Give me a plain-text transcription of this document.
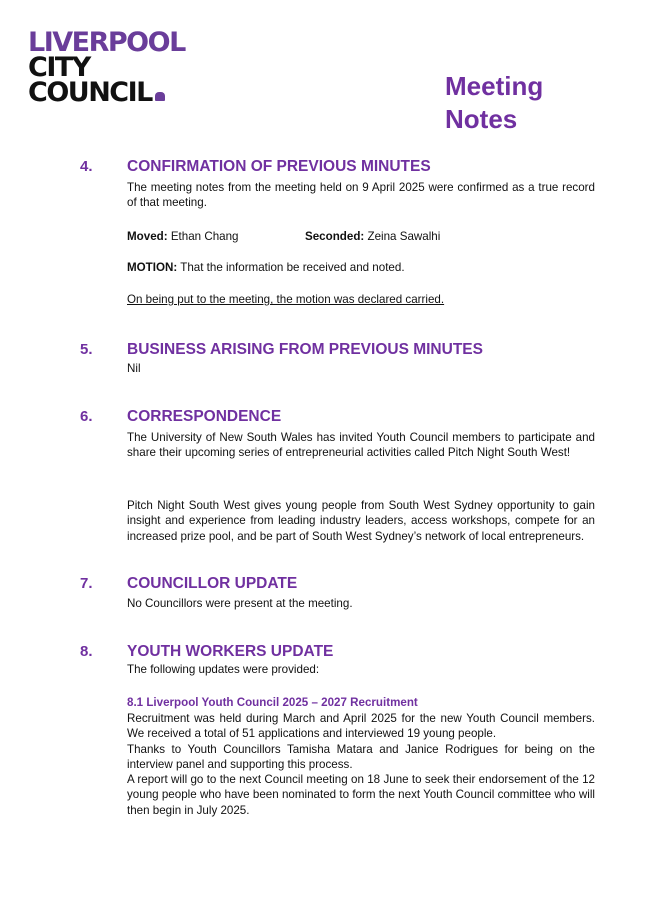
LIVERPOOL
CITY
COUNCIL	Meeting
Notes
4. CONFIRMATION OF PREVIOUS MINUTES
The meeting notes from the meeting held on 9 April 2025 were confirmed as a true record of that meeting.
Moved: Ethan Chang	Seconded: Zeina Sawalhi
MOTION: That the information be received and noted.
On being put to the meeting, the motion was declared carried.
5. BUSINESS ARISING FROM PREVIOUS MINUTES
Nil
6. CORRESPONDENCE
The University of New South Wales has invited Youth Council members to participate and share their upcoming series of entrepreneurial activities called Pitch Night South West!
Pitch Night South West gives young people from South West Sydney opportunity to gain insight and experience from leading industry leaders, access workshops, compete for an increased prize pool, and be part of South West Sydney’s network of local entrepreneurs.
7. COUNCILLOR UPDATE
No Councillors were present at the meeting.
8. YOUTH WORKERS UPDATE
The following updates were provided:
8.1 Liverpool Youth Council 2025 – 2027 Recruitment
Recruitment was held during March and April 2025 for the new Youth Council members. We received a total of 51 applications and interviewed 19 young people.
Thanks to Youth Councillors Tamisha Matara and Janice Rodrigues for being on the interview panel and supporting this process.
A report will go to the next Council meeting on 18 June to seek their endorsement of the 12 young people who have been nominated to form the next Youth Council committee who will then begin in July 2025.
